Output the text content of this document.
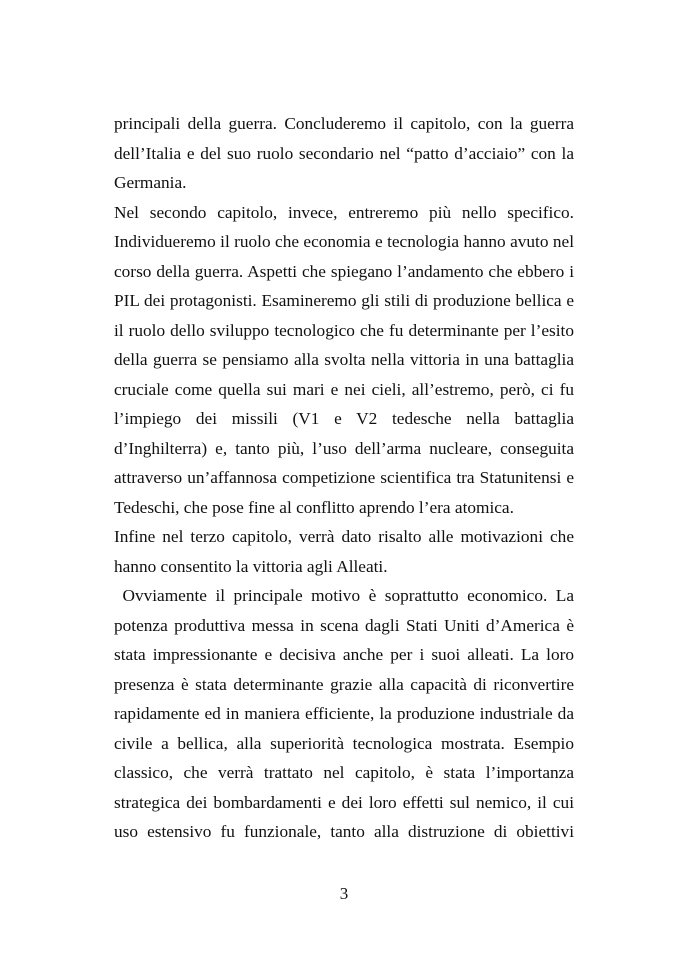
principali della guerra. Concluderemo il capitolo, con la guerra
dell’Italia e del suo ruolo secondario nel “patto d’acciaio” con la
Germania.
Nel secondo capitolo, invece, entreremo più nello specifico.
Individueremo il ruolo che economia e tecnologia hanno avuto nel
corso della guerra. Aspetti che spiegano l’andamento che ebbero i
PIL dei protagonisti. Esamineremo gli stili di produzione bellica e
il ruolo dello sviluppo tecnologico che fu determinante per l’esito
della guerra se pensiamo alla svolta nella vittoria in una battaglia
cruciale come quella sui mari e nei cieli, all’estremo, però, ci fu
l’impiego dei missili (V1 e V2 tedesche nella battaglia
d’Inghilterra) e, tanto più, l’uso dell’arma nucleare, conseguita
attraverso un’affannosa competizione scientifica tra Statunitensi e
Tedeschi, che pose fine al conflitto aprendo l’era atomica.
Infine nel terzo capitolo, verrà dato risalto alle motivazioni che
hanno consentito la vittoria agli Alleati.
Ovviamente il principale motivo è soprattutto economico. La
potenza produttiva messa in scena dagli Stati Uniti d’America è
stata impressionante e decisiva anche per i suoi alleati. La loro
presenza è stata determinante grazie alla capacità di riconvertire
rapidamente ed in maniera efficiente, la produzione industriale da
civile a bellica, alla superiorità tecnologica mostrata. Esempio
classico, che verrà trattato nel capitolo, è stata l’importanza
strategica dei bombardamenti e dei loro effetti sul nemico, il cui
uso estensivo fu funzionale, tanto alla distruzione di obiettivi
3
